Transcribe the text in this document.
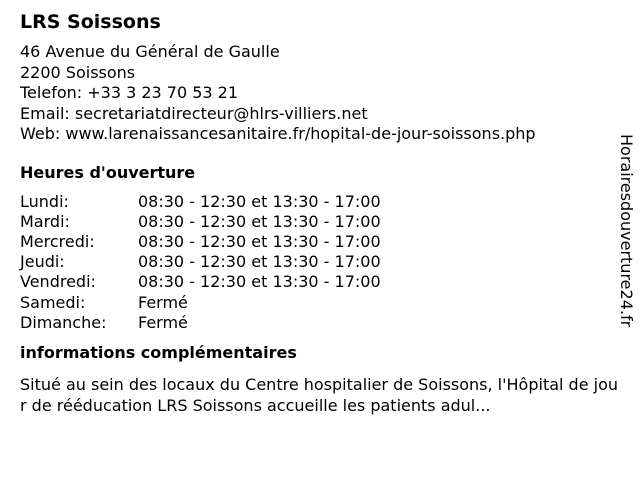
LRS Soissons
46 Avenue du Général de Gaulle
2200 Soissons
Telefon: +33 3 23 70 53 21
Email: secretariatdirecteur@hlrs-villiers.net
Web: www.larenaissancesanitaire.fr/hopital-de-jour-soissons.php
Heures d'ouverture
Lundi:	08:30 - 12:30 et 13:30 - 17:00
Mardi:	08:30 - 12:30 et 13:30 - 17:00
Mercredi:	08:30 - 12:30 et 13:30 - 17:00
Jeudi:	08:30 - 12:30 et 13:30 - 17:00
Vendredi:	08:30 - 12:30 et 13:30 - 17:00
Samedi:	Fermé
Dimanche:	Fermé
informations complémentaires
Situé au sein des locaux du Centre hospitalier de Soissons, l'Hôpital de jour de rééducation LRS Soissons accueille les patients adul...
Horairesdouverture24.fr
